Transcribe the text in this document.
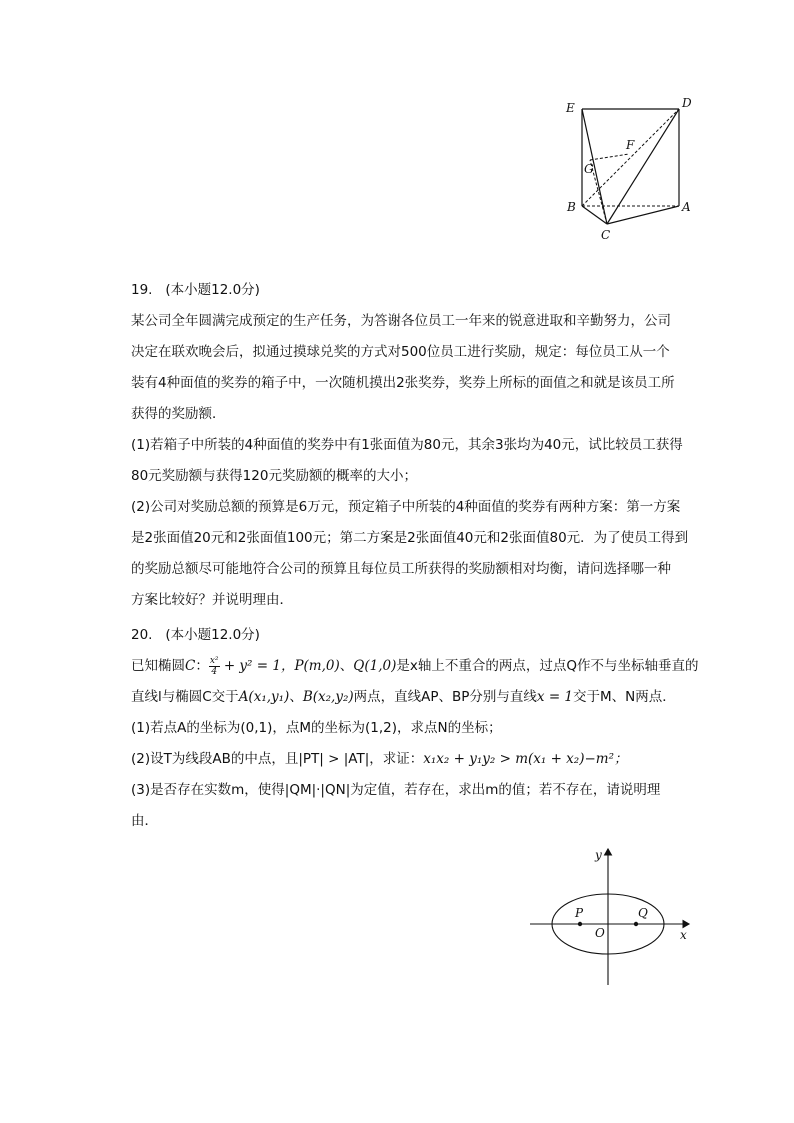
E	D
F
G
B	A
C
19. (本小题12.0分)
某公司全年圆满完成预定的生产任务，为答谢各位员工一年来的锐意进取和辛勤努力，公司
决定在联欢晚会后，拟通过摸球兑奖的方式对500位员工进行奖励，规定：每位员工从一个
装有4种面值的奖券的箱子中，一次随机摸出2张奖券，奖券上所标的面值之和就是该员工所
获得的奖励额．
(1)若箱子中所装的4种面值的奖券中有1张面值为80元，其余3张均为40元，试比较员工获得
80元奖励额与获得120元奖励额的概率的大小；
(2)公司对奖励总额的预算是6万元，预定箱子中所装的4种面值的奖券有两种方案：第一方案
是2张面值20元和2张面值100元；第二方案是2张面值40元和2张面值80元．为了使员工得到
的奖励总额尽可能地符合公司的预算且每位员工所获得的奖励额相对均衡，请问选择哪一种
方案比较好？并说明理由．
20. (本小题12.0分)
已知椭圆C： $\frac{\text{x²}}{4} + y^2 = 1$，P(m,0)、Q(1,0)是x轴上不重合的两点，过点Q作不与坐标轴垂直的
直线l与椭圆C交于A(x₁,y₁)、B(x₂,y₂)两点，直线AP、BP分别与直线x = 1交于M、N两点．
(1)若点A的坐标为(0,1)，点M的坐标为(1,2)，求点N的坐标；
(2)设T为线段AB的中点，且|PT| > |AT|，求证：x₁x₂ + y₁y₂ > m(x₁ + x₂)−m²；
(3)是否存在实数m，使得|QM|·|QN|为定值，若存在，求出m的值；若不存在，请说明理
由．
y
x
O
P	Q
